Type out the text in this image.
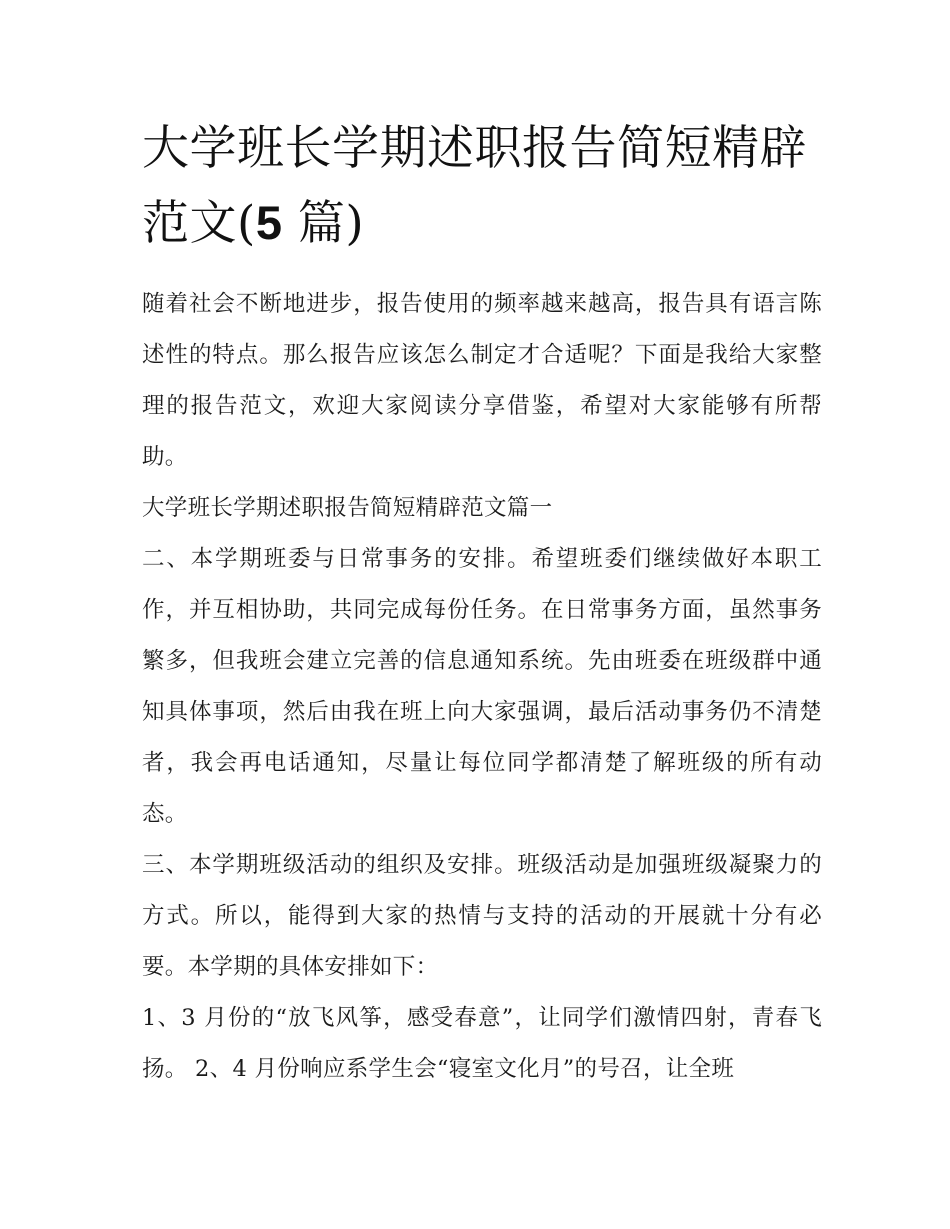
大学班长学期述职报告简短精辟范文(5 篇)

随着社会不断地进步，报告使用的频率越来越高，报告具有语言陈述性的特点。那么报告应该怎么制定才合适呢？下面是我给大家整理的报告范文，欢迎大家阅读分享借鉴，希望对大家能够有所帮助。

大学班长学期述职报告简短精辟范文篇一

二、本学期班委与日常事务的安排。希望班委们继续做好本职工作，并互相协助，共同完成每份任务。在日常事务方面，虽然事务繁多，但我班会建立完善的信息通知系统。先由班委在班级群中通知具体事项，然后由我在班上向大家强调，最后活动事务仍不清楚者，我会再电话通知，尽量让每位同学都清楚了解班级的所有动态。

三、本学期班级活动的组织及安排。班级活动是加强班级凝聚力的方式。所以，能得到大家的热情与支持的活动的开展就十分有必要。本学期的具体安排如下：

1、3 月份的“放飞风筝，感受春意”，让同学们激情四射，青春飞扬。 2、4 月份响应系学生会“寝室文化月”的号召，让全班
